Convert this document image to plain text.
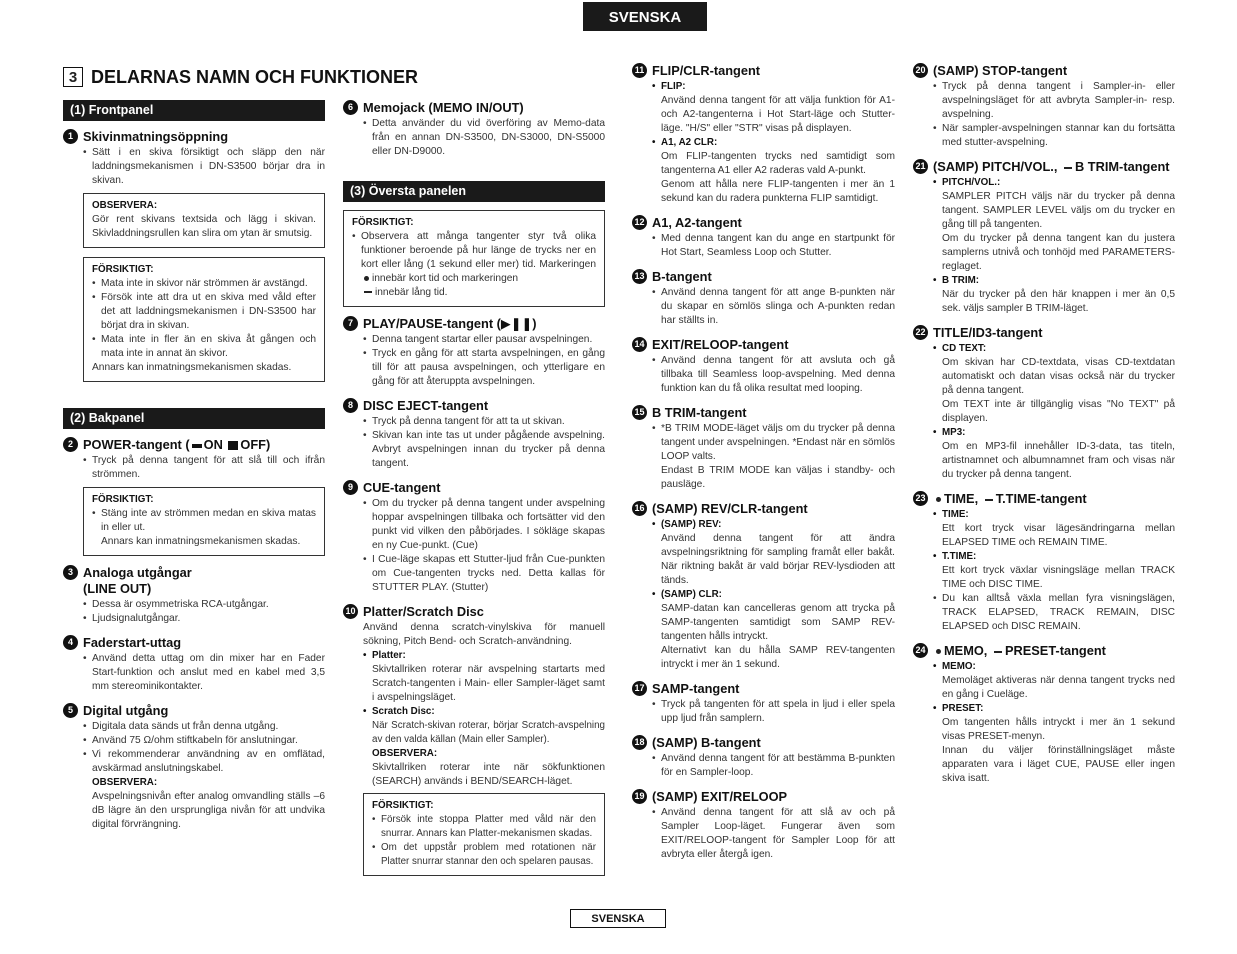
SVENSKA
3 DELARNAS NAMN OCH FUNKTIONER
(1) Frontpanel
1 Skivinmatningsöppning
• Sätt i en skiva försiktigt och släpp den när laddningsmekanismen i DN-S3500 börjar dra in skivan.
OBSERVERA:
Gör rent skivans textsida och lägg i skivan. Skivladdningsrullen kan slira om ytan är smutsig.
FÖRSIKTIGT:
• Mata inte in skivor när strömmen är avstängd.
• Försök inte att dra ut en skiva med våld efter det att laddningsmekanismen i DN-S3500 har börjat dra in skivan.
• Mata inte in fler än en skiva åt gången och mata inte in annat än skivor.
Annars kan inmatningsmekanismen skadas.
(2) Bakpanel
2 POWER-tangent ( ON OFF)
• Tryck på denna tangent för att slå till och ifrån strömmen.
FÖRSIKTIGT:
• Stäng inte av strömmen medan en skiva matas in eller ut.
Annars kan inmatningsmekanismen skadas.
3 Analoga utgångar
(LINE OUT)
• Dessa är osymmetriska RCA-utgångar.
• Ljudsignalutgångar.
4 Faderstart-uttag
• Använd detta uttag om din mixer har en Fader Start-funktion och anslut med en kabel med 3,5 mm stereominikontakter.
5 Digital utgång
• Digitala data sänds ut från denna utgång.
• Använd 75 Ω/ohm stiftkabeln för anslutningar.
• Vi rekommenderar användning av en omflätad, avskärmad anslutningskabel.
OBSERVERA:
Avspelningsnivån efter analog omvandling ställs –6 dB lägre än den ursprungliga nivån för att undvika digital förvrängning.
6 Memojack (MEMO IN/OUT)
• Detta använder du vid överföring av Memo-data från en annan DN-S3500, DN-S3000, DN-S5000 eller DN-D9000.
(3) Översta panelen
FÖRSIKTIGT:
• Observera att många tangenter styr två olika funktioner beroende på hur länge de trycks ner en kort eller lång (1 sekund eller mer) tid. Markeringen innebär kort tid och markeringen
innebär lång tid.
7 PLAY/PAUSE-tangent (▶❚❚)
• Denna tangent startar eller pausar avspelningen.
• Tryck en gång för att starta avspelningen, en gång till för att pausa avspelningen, och ytterligare en gång för att återuppta avspelningen.
8 DISC EJECT-tangent
• Tryck på denna tangent för att ta ut skivan.
• Skivan kan inte tas ut under pågående avspelning. Avbryt avspelningen innan du trycker på denna tangent.
9 CUE-tangent
• Om du trycker på denna tangent under avspelning hoppar avspelningen tillbaka och fortsätter vid den punkt vid vilken den påbörjades. I sökläge skapas en ny Cue-punkt. (Cue)
• I Cue-läge skapas ett Stutter-ljud från Cue-punkten om Cue-tangenten trycks ned. Detta kallas för STUTTER PLAY. (Stutter)
10 Platter/Scratch Disc
Använd denna scratch-vinylskiva för manuell sökning, Pitch Bend- och Scratch-användning.
• Platter:
Skivtallriken roterar när avspelning startarts med Scratch-tangenten i Main- eller Sampler-läget samt i avspelningsläget.
• Scratch Disc:
När Scratch-skivan roterar, börjar Scratch-avspelning av den valda källan (Main eller Sampler).
OBSERVERA:
Skivtallriken roterar inte när sökfunktionen (SEARCH) används i BEND/SEARCH-läget.
FÖRSIKTIGT:
• Försök inte stoppa Platter med våld när den snurrar. Annars kan Platter-mekanismen skadas.
• Om det uppstår problem med rotationen när Platter snurrar stannar den och spelaren pausas.
11 FLIP/CLR-tangent
• FLIP:
Använd denna tangent för att välja funktion för A1- och A2-tangenterna i Hot Start-läge och Stutter-läge. "H/S" eller "STR" visas på displayen.
• A1, A2 CLR:
Om FLIP-tangenten trycks ned samtidigt som tangenterna A1 eller A2 raderas vald A-punkt.
Genom att hålla nere FLIP-tangenten i mer än 1 sekund kan du radera punkterna FLIP samtidigt.
12 A1, A2-tangent
• Med denna tangent kan du ange en startpunkt för Hot Start, Seamless Loop och Stutter.
13 B-tangent
• Använd denna tangent för att ange B-punkten när du skapar en sömlös slinga och A-punkten redan har ställts in.
14 EXIT/RELOOP-tangent
• Använd denna tangent för att avsluta och gå tillbaka till Seamless loop-avspelning. Med denna funktion kan du få olika resultat med looping.
15 B TRIM-tangent
• *B TRIM MODE-läget väljs om du trycker på denna tangent under avspelningen. *Endast när en sömlös LOOP valts.
Endast B TRIM MODE kan väljas i standby- och pausläge.
16 (SAMP) REV/CLR-tangent
• (SAMP) REV:
Använd denna tangent för att ändra avspelningsriktning för sampling framåt eller bakåt. När riktning bakåt är vald börjar REV-lysdioden att tänds.
• (SAMP) CLR:
SAMP-datan kan cancelleras genom att trycka på SAMP-tangenten samtidigt som SAMP REV-tangenten hålls intryckt.
Alternativt kan du hålla SAMP REV-tangenten intryckt i mer än 1 sekund.
17 SAMP-tangent
• Tryck på tangenten för att spela in ljud i eller spela upp ljud från samplern.
18 (SAMP) B-tangent
• Använd denna tangent för att bestämma B-punkten för en Sampler-loop.
19 (SAMP) EXIT/RELOOP
• Använd denna tangent för att slå av och på Sampler Loop-läget. Fungerar även som EXIT/RELOOP-tangent för Sampler Loop för att avbryta eller återgå igen.
20 (SAMP) STOP-tangent
• Tryck på denna tangent i Sampler-in- eller avspelningsläget för att avbryta Sampler-in- resp. avspelning.
• När sampler-avspelningen stannar kan du fortsätta med stutter-avspelning.
21 (SAMP) PITCH/VOL., B TRIM-tangent
• PITCH/VOL.:
SAMPLER PITCH väljs när du trycker på denna tangent. SAMPLER LEVEL väljs om du trycker en gång till på tangenten.
Om du trycker på denna tangent kan du justera samplerns utnivå och tonhöjd med PARAMETERS-reglaget.
• B TRIM:
När du trycker på den här knappen i mer än 0,5 sek. väljs sampler B TRIM-läget.
22 TITLE/ID3-tangent
• CD TEXT:
Om skivan har CD-textdata, visas CD-textdatan automatiskt och datan visas också när du trycker på denna tangent.
Om TEXT inte är tillgänglig visas "No TEXT" på displayen.
• MP3:
Om en MP3-fil innehåller ID-3-data, tas titeln, artistnamnet och albumnamnet fram och visas när du trycker på denna tangent.
23	TIME, T.TIME-tangent
• TIME:
Ett kort tryck visar lägesändringarna mellan ELAPSED TIME och REMAIN TIME.
• T.TIME:
Ett kort tryck växlar visningsläge mellan TRACK TIME och DISC TIME.
• Du kan alltså växla mellan fyra visningslägen, TRACK ELAPSED, TRACK REMAIN, DISC ELAPSED och DISC REMAIN.
24	MEMO, PRESET-tangent
• MEMO:
Memoläget aktiveras när denna tangent trycks ned en gång i Cueläge.
• PRESET:
Om tangenten hålls intryckt i mer än 1 sekund visas PRESET-menyn.
Innan du väljer förinställningsläget måste apparaten vara i läget CUE, PAUSE eller ingen skiva isatt.
SVENSKA
